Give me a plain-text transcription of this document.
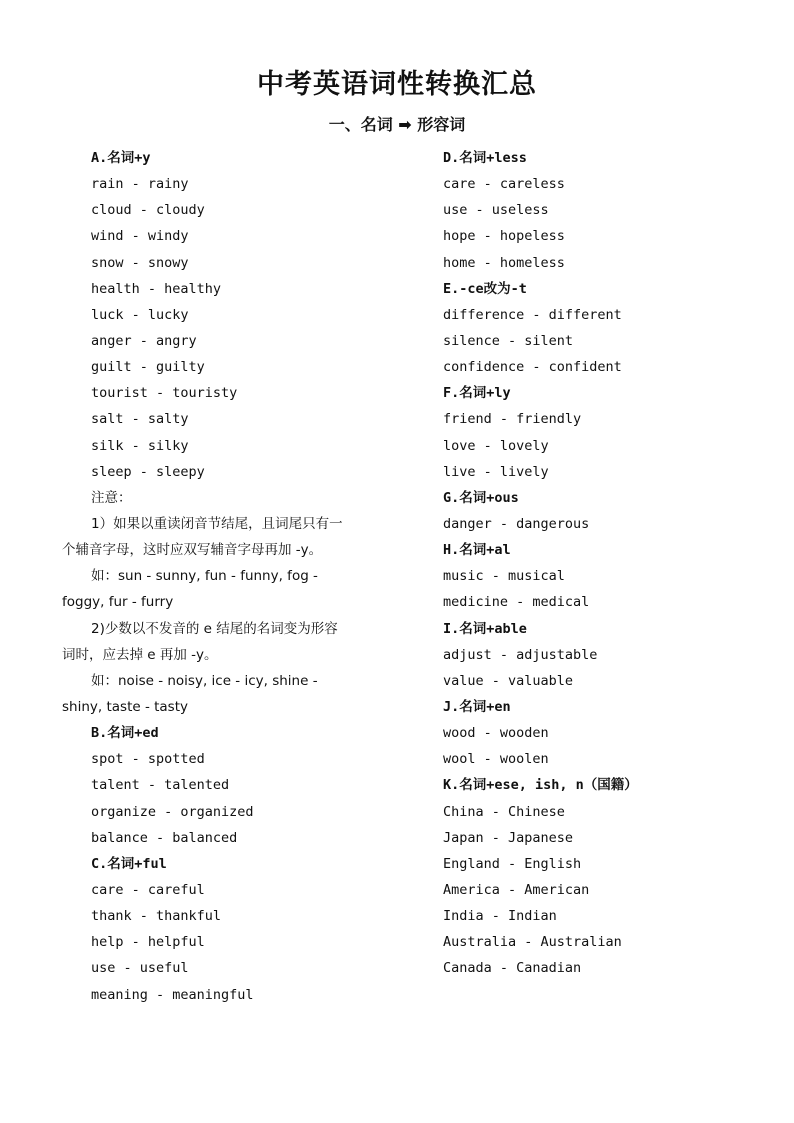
中考英语词性转换汇总
一、名词 ➡ 形容词
A.名词+y
rain - rainy
cloud - cloudy
wind - windy
snow - snowy
health - healthy
luck - lucky
anger - angry
guilt - guilty
tourist - touristy
salt - salty
silk - silky
sleep - sleepy
注意：
1）如果以重读闭音节结尾，且词尾只有一
个辅音字母，这时应双写辅音字母再加 -y。
如：sun - sunny, fun - funny, fog -
foggy, fur - furry
2)少数以不发音的 e 结尾的名词变为形容
词时，应去掉 e 再加 -y。
如：noise - noisy, ice - icy, shine -
shiny, taste - tasty
B.名词+ed
spot - spotted
talent - talented
organize - organized
balance - balanced
C.名词+ful
care - careful
thank - thankful
help - helpful
use - useful
meaning - meaningful
D.名词+less
care - careless
use - useless
hope - hopeless
home - homeless
E.-ce改为-t
difference - different
silence - silent
confidence - confident
F.名词+ly
friend - friendly
love - lovely
live - lively
G.名词+ous
danger - dangerous
H.名词+al
music - musical
medicine - medical
I.名词+able
adjust - adjustable
value - valuable
J.名词+en
wood - wooden
wool - woolen
K.名词+ese, ish, n（国籍）
China - Chinese
Japan - Japanese
England - English
America - American
India - Indian
Australia - Australian
Canada - Canadian
